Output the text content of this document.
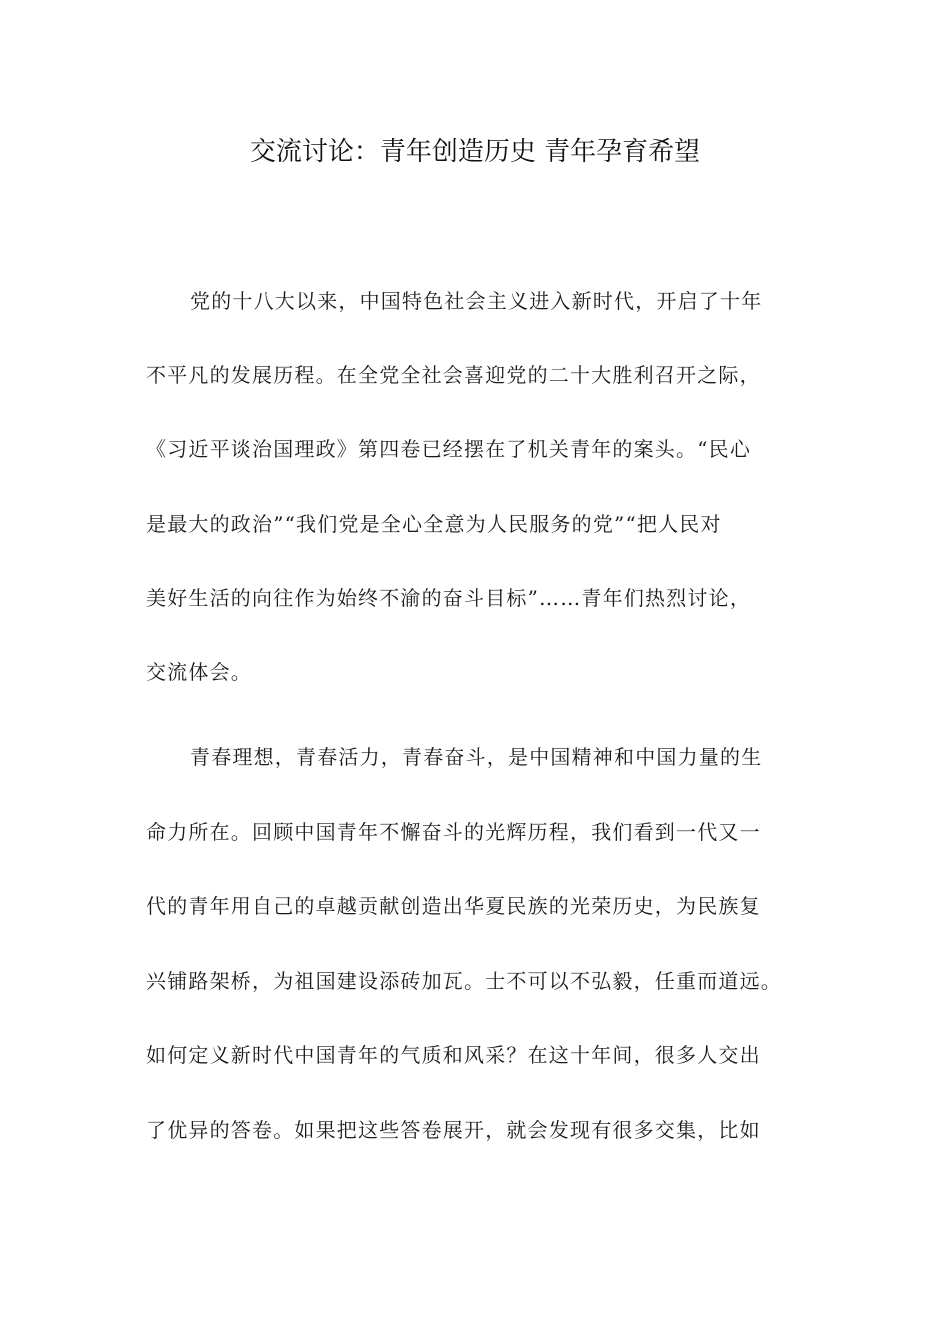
交流讨论：青年创造历史 青年孕育希望
党的十八大以来，中国特色社会主义进入新时代，开启了十年
不平凡的发展历程。在全党全社会喜迎党的二十大胜利召开之际，
《习近平谈治国理政》第四卷已经摆在了机关青年的案头。“民心
是最大的政治”“我们党是全心全意为人民服务的党”“把人民对
美好生活的向往作为始终不渝的奋斗目标”……青年们热烈讨论，
交流体会。
青春理想，青春活力，青春奋斗，是中国精神和中国力量的生
命力所在。回顾中国青年不懈奋斗的光辉历程，我们看到一代又一
代的青年用自己的卓越贡献创造出华夏民族的光荣历史，为民族复
兴铺路架桥，为祖国建设添砖加瓦。士不可以不弘毅，任重而道远。
如何定义新时代中国青年的气质和风采？在这十年间，很多人交出
了优异的答卷。如果把这些答卷展开，就会发现有很多交集，比如
